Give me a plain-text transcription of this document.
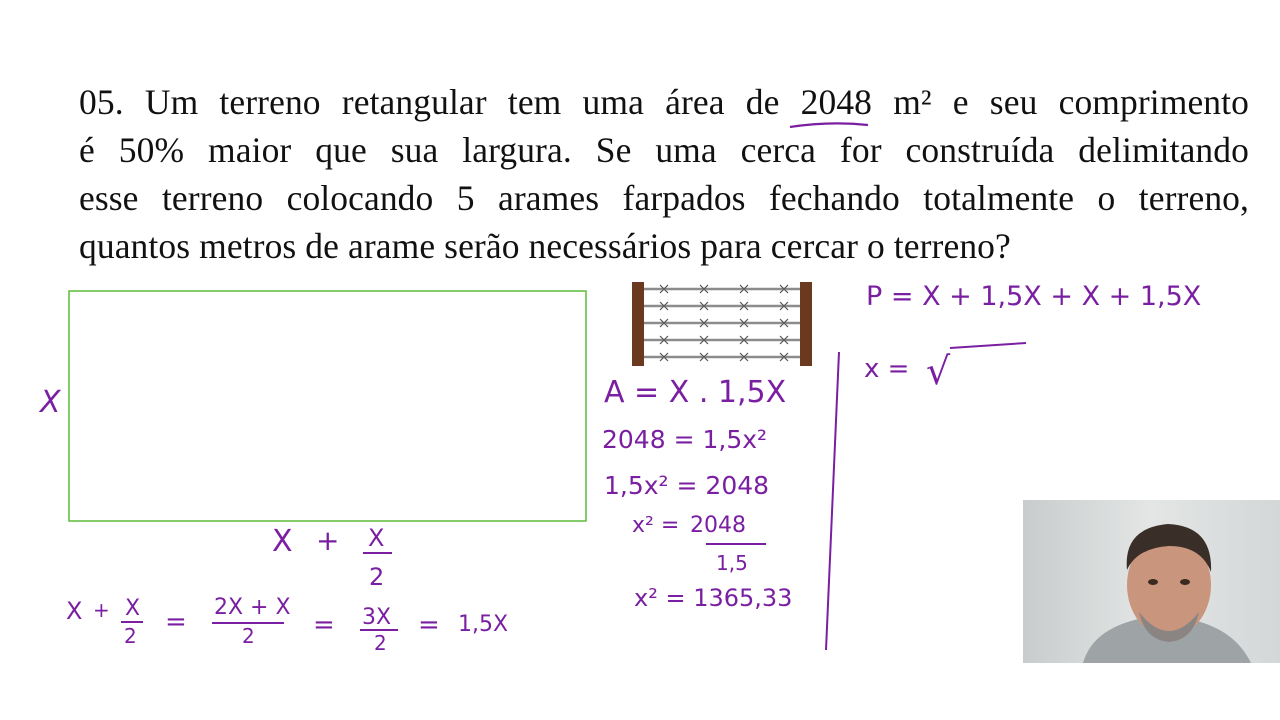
05. Um terreno retangular tem uma área de 2048 m² e seu comprimento
é 50% maior que sua largura. Se uma cerca for construída delimitando
esse terreno colocando 5 arames farpados fechando totalmente o terreno,
quantos metros de arame serão necessários para cercar o terreno?

X
X + X
2
X + X
2 = 2X + X
2 = 3X
2
= 1,5X
A = X . 1,5X
2048 = 1,5x²
1,5x² = 2048
x² = 2048
1,5
x² = 1365,33
P = X + 1,5X + X + 1,5X
x = √
